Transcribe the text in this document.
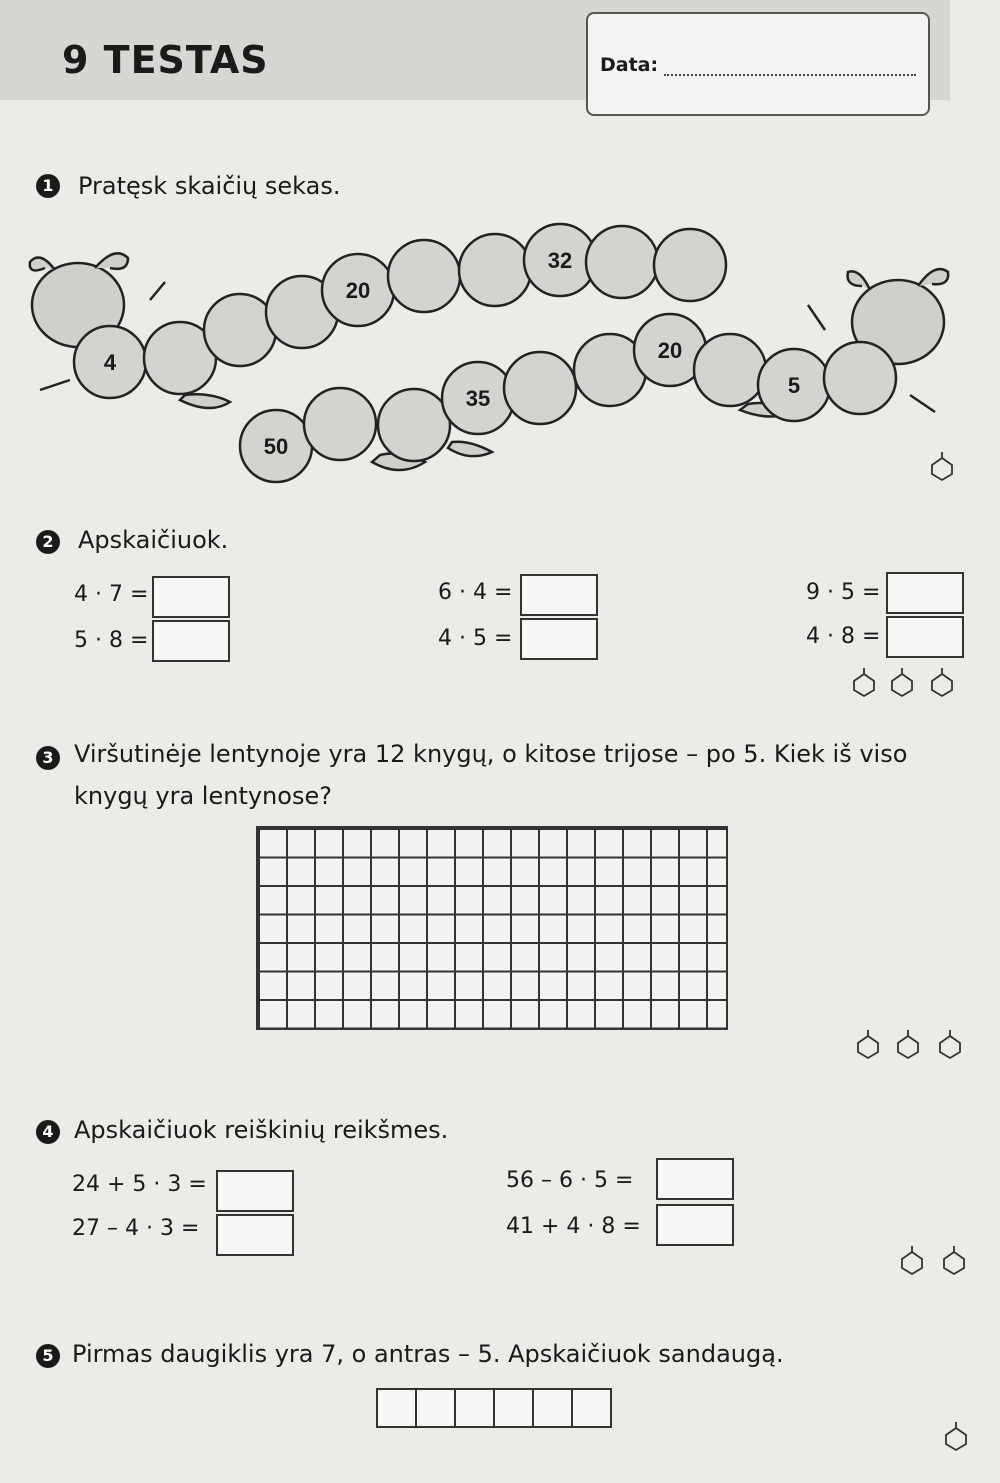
9 TESTAS	Data:
1 Pratęsk skaičių sekas.
4
20
32
50
35
20
5
2 Apskaičiuok.
4 · 7 =
5 · 8 =
6 · 4 =
4 · 5 =
9 · 5 =
4 · 8 =
3 Viršutinėje lentynoje yra 12 knygų, o kitose trijose – po 5. Kiek iš viso
knygų yra lentynose?
4 Apskaičiuok reiškinių reikšmes.
24 + 5 · 3 =
27 – 4 · 3 =
56 – 6 · 5 =
41 + 4 · 8 =
5 Pirmas daugiklis yra 7, o antras – 5. Apskaičiuok sandaugą.
